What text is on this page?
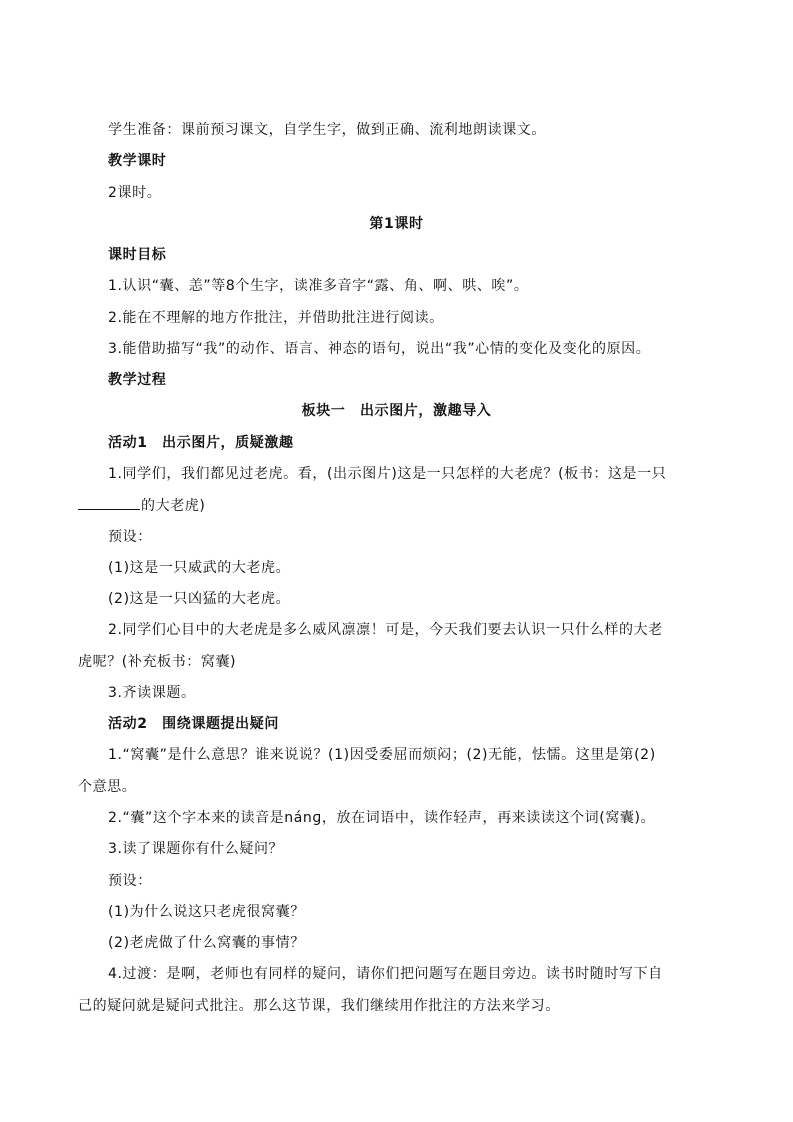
学生准备：课前预习课文，自学生字，做到正确、流利地朗读课文。
教学课时
2课时。
第1课时
课时目标
1.认识“囊、恙”等8个生字，读准多音字“露、角、啊、哄、唉”。
2.能在不理解的地方作批注，并借助批注进行阅读。
3.能借助描写“我”的动作、语言、神态的语句，说出“我”心情的变化及变化的原因。
教学过程
板块一　出示图片，激趣导入
活动1　出示图片，质疑激趣
1.同学们，我们都见过老虎。看，(出示图片)这是一只怎样的大老虎？(板书：这是一只
的大老虎)
预设：
(1)这是一只威武的大老虎。
(2)这是一只凶猛的大老虎。
2.同学们心目中的大老虎是多么威风凛凛！可是，今天我们要去认识一只什么样的大老
虎呢？(补充板书：窝囊)
3.齐读课题。
活动2　围绕课题提出疑问
1.“窝囊”是什么意思？谁来说说？(1)因受委屈而烦闷；(2)无能，怯懦。这里是第(2)
个意思。
2.“囊”这个字本来的读音是nánɡ，放在词语中，读作轻声，再来读读这个词(窝囊)。
3.读了课题你有什么疑问？
预设：
(1)为什么说这只老虎很窝囊？
(2)老虎做了什么窝囊的事情？
4.过渡：是啊，老师也有同样的疑问，请你们把问题写在题目旁边。读书时随时写下自
己的疑问就是疑问式批注。那么这节课，我们继续用作批注的方法来学习。
